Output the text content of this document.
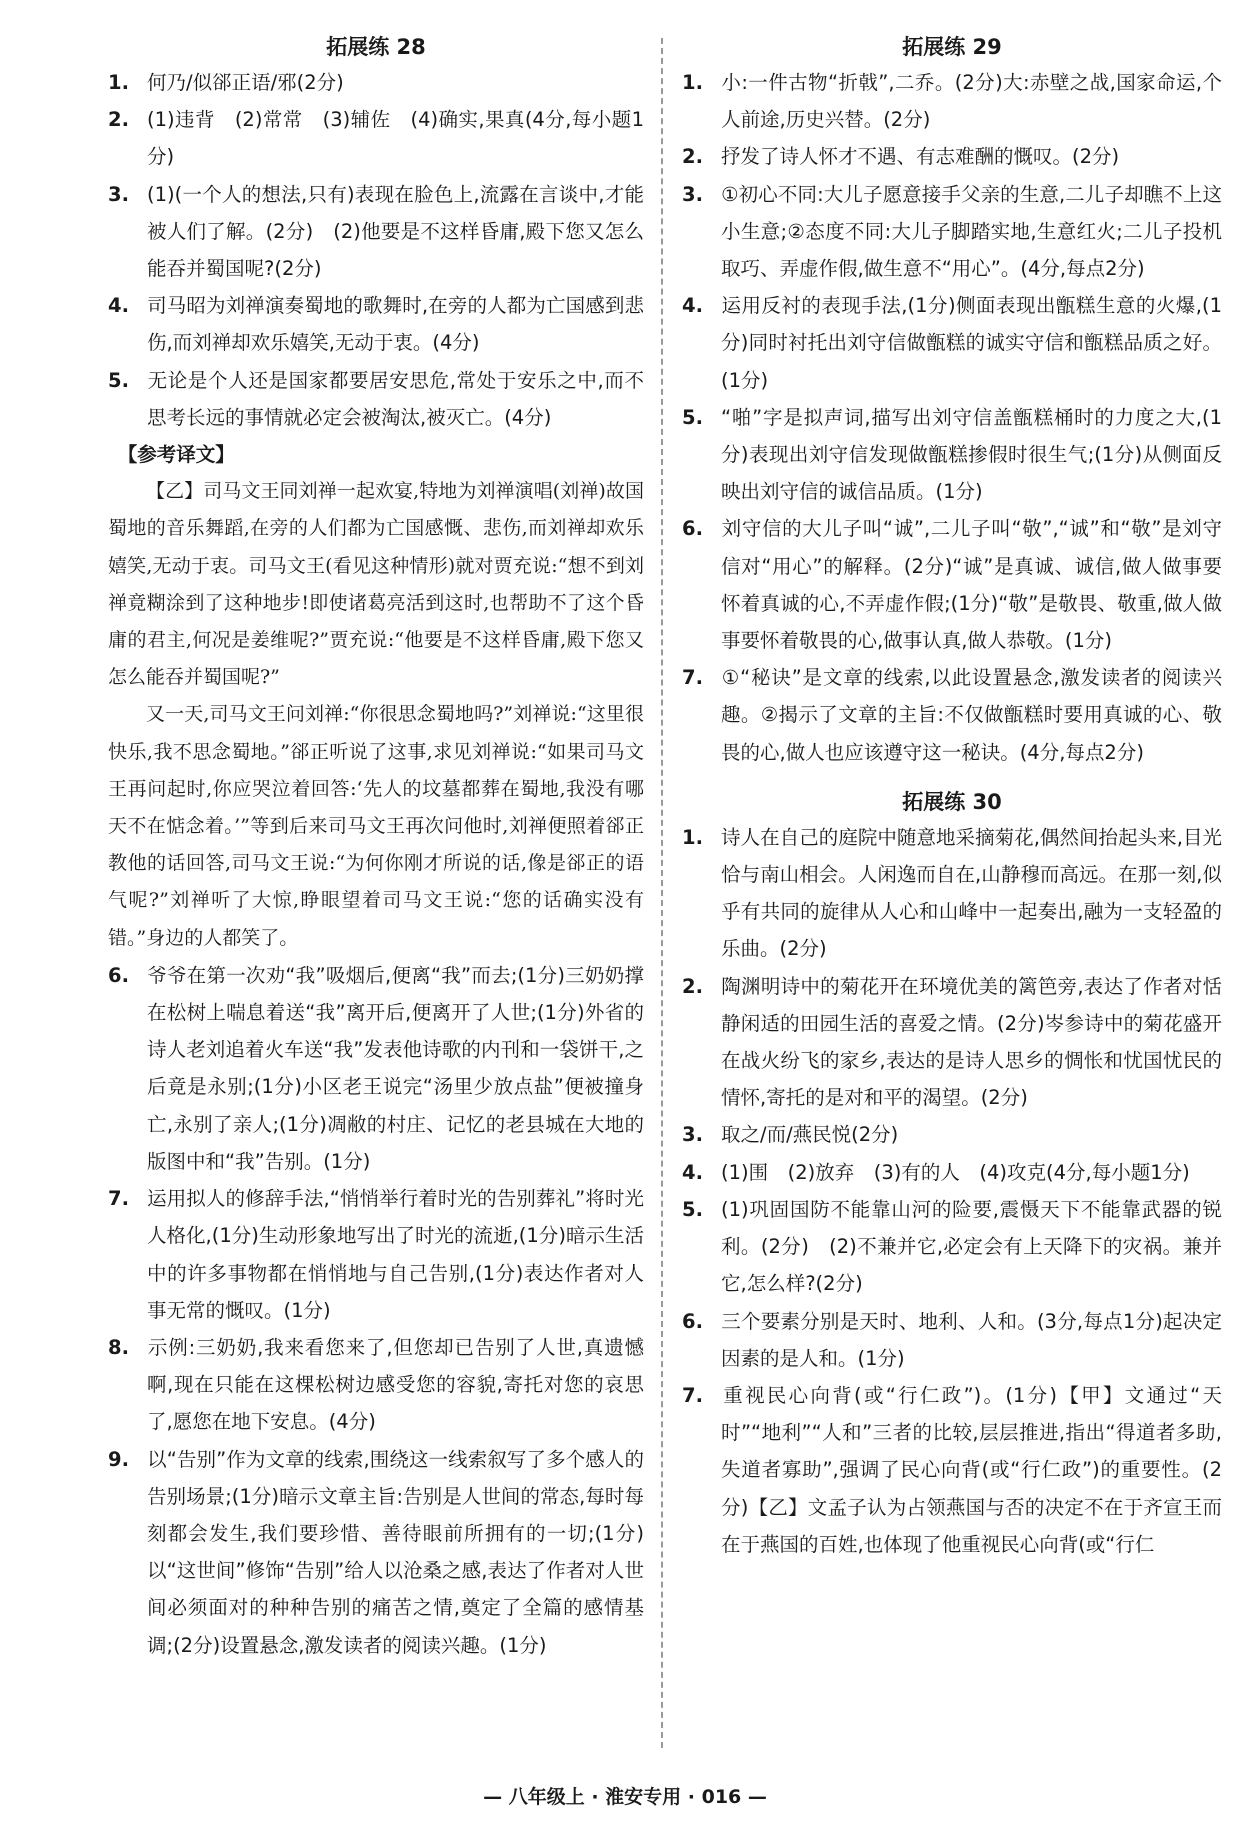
拓展练 28

1. 何乃/似郤正语/邪(2分)

2. (1)违背　(2)常常　(3)辅佐　(4)确实,果真(4分,每小题1分)

3. (1)(一个人的想法,只有)表现在脸色上,流露在言谈中,才能被人们了解。(2分)　(2)他要是不这样昏庸,殿下您又怎么能吞并蜀国呢?(2分)

4. 司马昭为刘禅演奏蜀地的歌舞时,在旁的人都为亡国感到悲伤,而刘禅却欢乐嬉笑,无动于衷。(4分)

5. 无论是个人还是国家都要居安思危,常处于安乐之中,而不思考长远的事情就必定会被淘汰,被灭亡。(4分)

【参考译文】

【乙】司马文王同刘禅一起欢宴,特地为刘禅演唱(刘禅)故国蜀地的音乐舞蹈,在旁的人们都为亡国感慨、悲伤,而刘禅却欢乐嬉笑,无动于衷。司马文王(看见这种情形)就对贾充说:“想不到刘禅竟糊涂到了这种地步!即使诸葛亮活到这时,也帮助不了这个昏庸的君主,何况是姜维呢?”贾充说:“他要是不这样昏庸,殿下您又怎么能吞并蜀国呢?”

又一天,司马文王问刘禅:“你很思念蜀地吗?”刘禅说:“这里很快乐,我不思念蜀地。”郤正听说了这事,求见刘禅说:“如果司马文王再问起时,你应哭泣着回答:‘先人的坟墓都葬在蜀地,我没有哪天不在惦念着。’”等到后来司马文王再次问他时,刘禅便照着郤正教他的话回答,司马文王说:“为何你刚才所说的话,像是郤正的语气呢?”刘禅听了大惊,睁眼望着司马文王说:“您的话确实没有错。”身边的人都笑了。

6. 爷爷在第一次劝“我”吸烟后,便离“我”而去;(1分)三奶奶撑在松树上喘息着送“我”离开后,便离开了人世;(1分)外省的诗人老刘追着火车送“我”发表他诗歌的内刊和一袋饼干,之后竟是永别;(1分)小区老王说完“汤里少放点盐”便被撞身亡,永别了亲人;(1分)凋敝的村庄、记忆的老县城在大地的版图中和“我”告别。(1分)

7. 运用拟人的修辞手法,“悄悄举行着时光的告别葬礼”将时光人格化,(1分)生动形象地写出了时光的流逝,(1分)暗示生活中的许多事物都在悄悄地与自己告别,(1分)表达作者对人事无常的慨叹。(1分)

8. 示例:三奶奶,我来看您来了,但您却已告别了人世,真遗憾啊,现在只能在这棵松树边感受您的容貌,寄托对您的哀思了,愿您在地下安息。(4分)

9. 以“告别”作为文章的线索,围绕这一线索叙写了多个感人的告别场景;(1分)暗示文章主旨:告别是人世间的常态,每时每刻都会发生,我们要珍惜、善待眼前所拥有的一切;(1分)以“这世间”修饰“告别”给人以沧桑之感,表达了作者对人世间必须面对的种种告别的痛苦之情,奠定了全篇的感情基调;(2分)设置悬念,激发读者的阅读兴趣。(1分)

拓展练 29

1. 小:一件古物“折戟”,二乔。(2分)大:赤壁之战,国家命运,个人前途,历史兴替。(2分)

2. 抒发了诗人怀才不遇、有志难酬的慨叹。(2分)

3. ①初心不同:大儿子愿意接手父亲的生意,二儿子却瞧不上这小生意;②态度不同:大儿子脚踏实地,生意红火;二儿子投机取巧、弄虚作假,做生意不“用心”。(4分,每点2分)

4. 运用反衬的表现手法,(1分)侧面表现出甑糕生意的火爆,(1分)同时衬托出刘守信做甑糕的诚实守信和甑糕品质之好。(1分)

5. “啪”字是拟声词,描写出刘守信盖甑糕桶时的力度之大,(1分)表现出刘守信发现做甑糕掺假时很生气;(1分)从侧面反映出刘守信的诚信品质。(1分)

6. 刘守信的大儿子叫“诚”,二儿子叫“敬”,“诚”和“敬”是刘守信对“用心”的解释。(2分)“诚”是真诚、诚信,做人做事要怀着真诚的心,不弄虚作假;(1分)“敬”是敬畏、敬重,做人做事要怀着敬畏的心,做事认真,做人恭敬。(1分)

7. ①“秘诀”是文章的线索,以此设置悬念,激发读者的阅读兴趣。②揭示了文章的主旨:不仅做甑糕时要用真诚的心、敬畏的心,做人也应该遵守这一秘诀。(4分,每点2分)

拓展练 30

1. 诗人在自己的庭院中随意地采摘菊花,偶然间抬起头来,目光恰与南山相会。人闲逸而自在,山静穆而高远。在那一刻,似乎有共同的旋律从人心和山峰中一起奏出,融为一支轻盈的乐曲。(2分)

2. 陶渊明诗中的菊花开在环境优美的篱笆旁,表达了作者对恬静闲适的田园生活的喜爱之情。(2分)岑参诗中的菊花盛开在战火纷飞的家乡,表达的是诗人思乡的惆怅和忧国忧民的情怀,寄托的是对和平的渴望。(2分)

3. 取之/而/燕民悦(2分)

4. (1)围　(2)放弃　(3)有的人　(4)攻克(4分,每小题1分)

5. (1)巩固国防不能靠山河的险要,震慑天下不能靠武器的锐利。(2分)　(2)不兼并它,必定会有上天降下的灾祸。兼并它,怎么样?(2分)

6. 三个要素分别是天时、地利、人和。(3分,每点1分)起决定因素的是人和。(1分)

7. 重视民心向背(或“行仁政”)。(1分)【甲】文通过“天时”“地利”“人和”三者的比较,层层推进,指出“得道者多助,失道者寡助”,强调了民心向背(或“行仁政”)的重要性。(2分)【乙】文孟子认为占领燕国与否的决定不在于齐宣王而在于燕国的百姓,也体现了他重视民心向背(或“行仁

— 八年级上 · 淮安专用 · 016 —
